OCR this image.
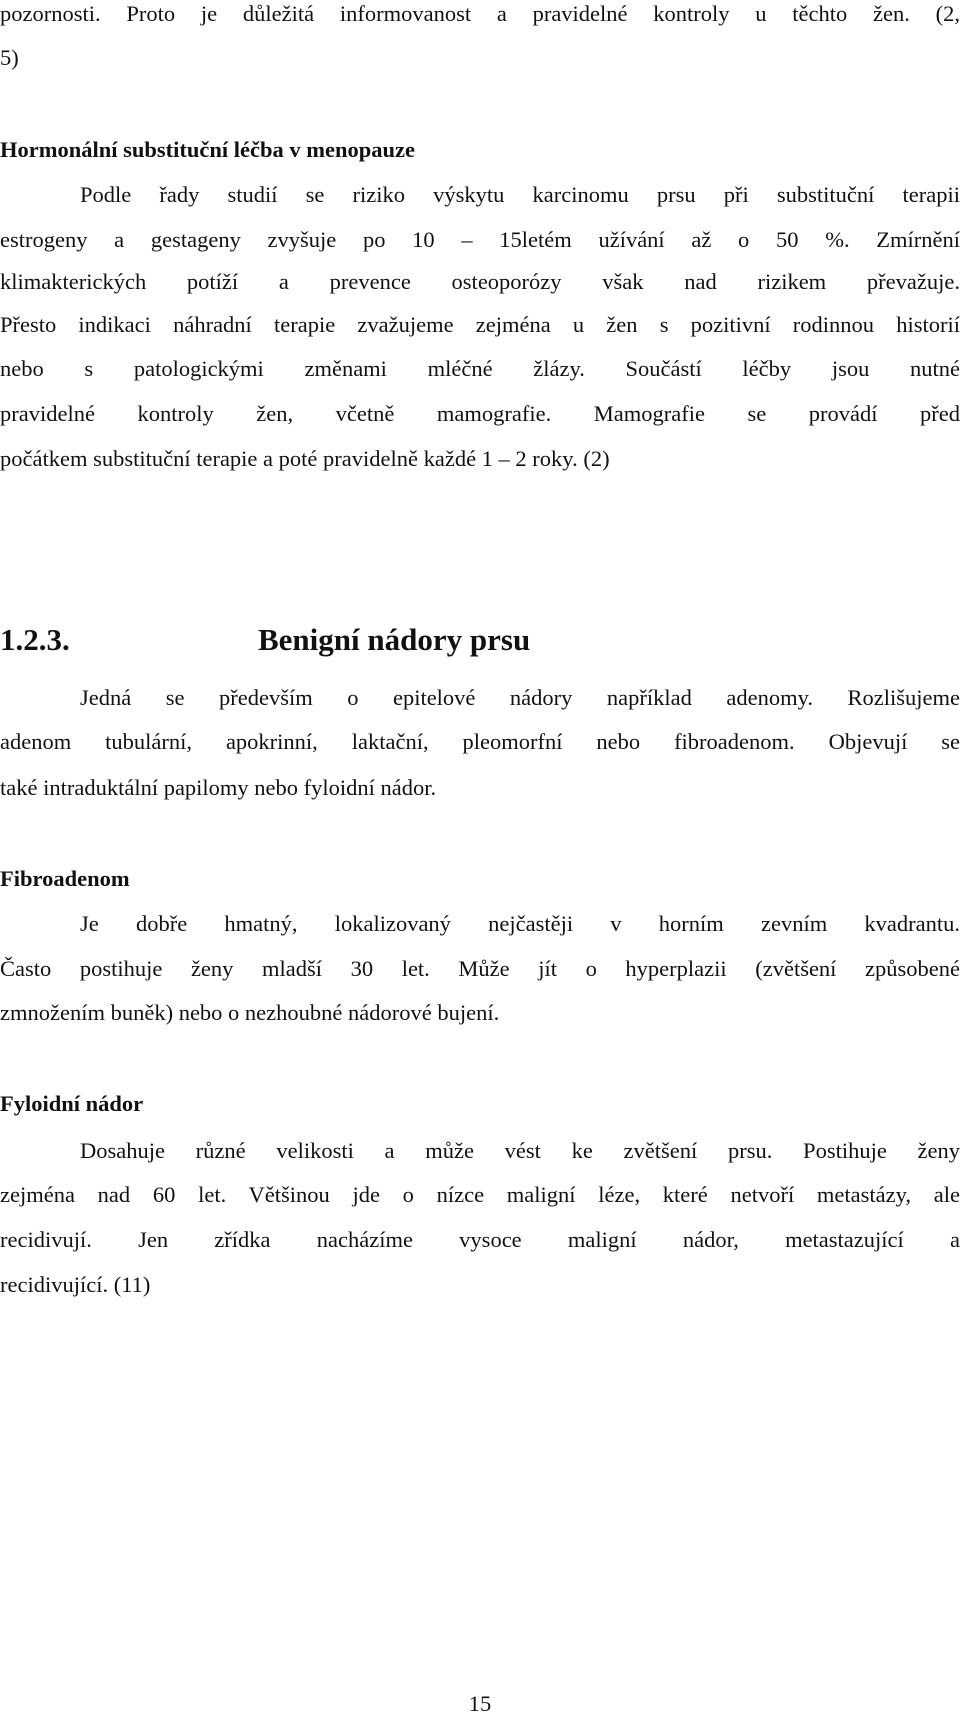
pozornosti. Proto je důležitá informovanost a pravidelné kontroly u těchto žen. (2,
5)
Hormonální substituční léčba v menopauze
Podle řady studií se riziko výskytu karcinomu prsu při substituční terapii
estrogeny a gestageny zvyšuje po 10 – 15letém užívání až o 50 %. Zmírnění
klimakterických potíží a prevence osteoporózy však nad rizikem převažuje.
Přesto indikaci náhradní terapie zvažujeme zejména u žen s pozitivní rodinnou historií
nebo s patologickými změnami mléčné žlázy. Součástí léčby jsou nutné
pravidelné kontroly žen, včetně mamografie. Mamografie se provádí před
počátkem substituční terapie a poté pravidelně každé 1 – 2 roky. (2)
1.2.3.	Benigní nádory prsu
Jedná se především o epitelové nádory například adenomy. Rozlišujeme
adenom tubulární, apokrinní, laktační, pleomorfní nebo fibroadenom. Objevují se
také intraduktální papilomy nebo fyloidní nádor.
Fibroadenom
Je dobře hmatný, lokalizovaný nejčastěji v horním zevním kvadrantu.
Často postihuje ženy mladší 30 let. Může jít o hyperplazii (zvětšení způsobené
zmnožením buněk) nebo o nezhoubné nádorové bujení.
Fyloidní nádor
Dosahuje různé velikosti a může vést ke zvětšení prsu. Postihuje ženy
zejména nad 60 let. Většinou jde o nízce maligní léze, které netvoří metastázy, ale
recidivují. Jen zřídka nacházíme vysoce maligní nádor, metastazující a
recidivující. (11)
15
